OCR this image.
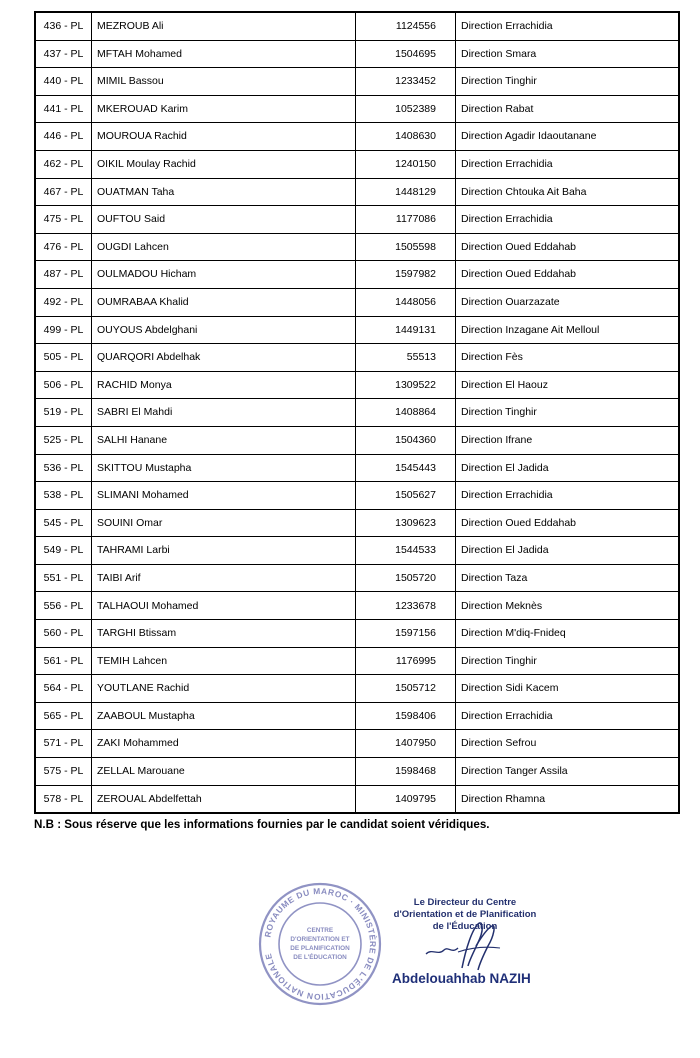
436 - PL	MEZROUB Ali	1124556	Direction Errachidia
437 - PL	MFTAH Mohamed	1504695	Direction Smara
440 - PL	MIMIL Bassou	1233452	Direction Tinghir
441 - PL	MKEROUAD Karim	1052389	Direction Rabat
446 - PL	MOUROUA Rachid	1408630	Direction Agadir Idaoutanane
462 - PL	OIKIL Moulay Rachid	1240150	Direction Errachidia
467 - PL	OUATMAN Taha	1448129	Direction Chtouka Ait Baha
475 - PL	OUFTOU Said	1177086	Direction Errachidia
476 - PL	OUGDI Lahcen	1505598	Direction Oued Eddahab
487 - PL	OULMADOU Hicham	1597982	Direction Oued Eddahab
492 - PL	OUMRABAA Khalid	1448056	Direction Ouarzazate
499 - PL	OUYOUS Abdelghani	1449131	Direction Inzagane Ait Melloul
505 - PL	QUARQORI Abdelhak	55513	Direction Fès
506 - PL	RACHID Monya	1309522	Direction El Haouz
519 - PL	SABRI El Mahdi	1408864	Direction Tinghir
525 - PL	SALHI Hanane	1504360	Direction Ifrane
536 - PL	SKITTOU Mustapha	1545443	Direction El Jadida
538 - PL	SLIMANI Mohamed	1505627	Direction Errachidia
545 - PL	SOUINI Omar	1309623	Direction Oued Eddahab
549 - PL	TAHRAMI Larbi	1544533	Direction El Jadida
551 - PL	TAIBI Arif	1505720	Direction Taza
556 - PL	TALHAOUI Mohamed	1233678	Direction Meknès
560 - PL	TARGHI Btissam	1597156	Direction M'diq-Fnideq
561 - PL	TEMIH Lahcen	1176995	Direction Tinghir
564 - PL	YOUTLANE Rachid	1505712	Direction Sidi Kacem
565 - PL	ZAABOUL Mustapha	1598406	Direction Errachidia
571 - PL	ZAKI Mohammed	1407950	Direction Sefrou
575 - PL	ZELLAL Marouane	1598468	Direction Tanger Assila
578 - PL	ZEROUAL Abdelfettah	1409795	Direction Rhamna
N.B : Sous réserve que les informations fournies par le candidat soient véridiques.
ROYAUME DU MAROC · MINISTÈRE DE L'ÉDUCATION NATIONALE
CENTRE
D'ORIENTATION ET
DE PLANIFICATION
DE L'ÉDUCATION
Le Directeur du Centre
d'Orientation et de Planification
de l'Éducation
Abdelouahhab NAZIH
